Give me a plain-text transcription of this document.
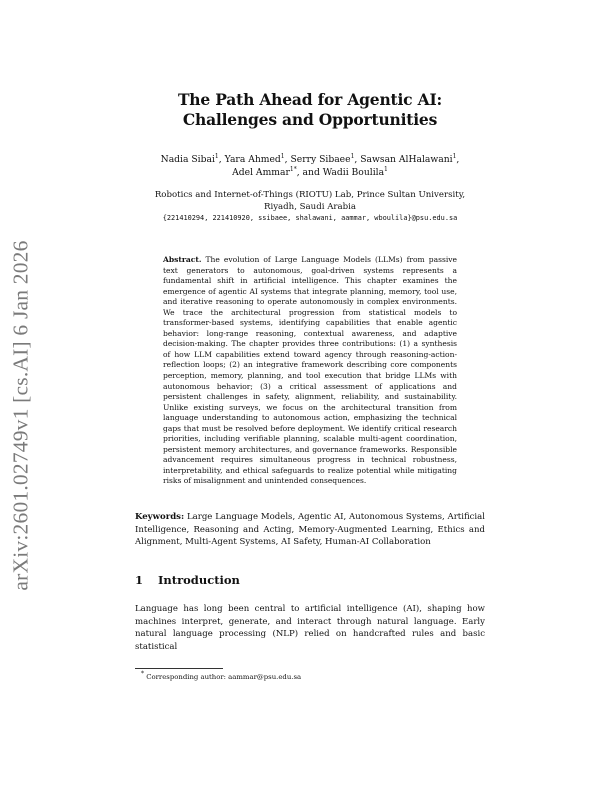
arXiv:2601.02749v1 [cs.AI] 6 Jan 2026
The Path Ahead for Agentic AI: Challenges and Opportunities
Nadia Sibai$^1$, Yara Ahmed$^1$, Serry Sibaee$^1$, Sawsan AlHalawani$^1$, Adel Ammar$^{1*}$, and Wadii Boulila$^1$
Robotics and Internet-of-Things (RIOTU) Lab, Prince Sultan University, Riyadh, Saudi Arabia
{221410294, 221410920, ssibaee, shalawani, aammar, wboulila}@psu.edu.sa
Abstract. The evolution of Large Language Models (LLMs) from passive text generators to autonomous, goal-driven systems represents a fundamental shift in artificial intelligence. This chapter examines the emergence of agentic AI systems that integrate planning, memory, tool use, and iterative reasoning to operate autonomously in complex environments. We trace the architectural progression from statistical models to transformer-based systems, identifying capabilities that enable agentic behavior: long-range reasoning, contextual awareness, and adaptive decision-making. The chapter provides three contributions: (1) a synthesis of how LLM capabilities extend toward agency through reasoning-action-reflection loops; (2) an integrative framework describing core components perception, memory, planning, and tool execution that bridge LLMs with autonomous behavior; (3) a critical assessment of applications and persistent challenges in safety, alignment, reliability, and sustainability. Unlike existing surveys, we focus on the architectural transition from language understanding to autonomous action, emphasizing the technical gaps that must be resolved before deployment. We identify critical research priorities, including verifiable planning, scalable multi-agent coordination, persistent memory architectures, and governance frameworks. Responsible advancement requires simultaneous progress in technical robustness, interpretability, and ethical safeguards to realize potential while mitigating risks of misalignment and unintended consequences.
Keywords: Large Language Models, Agentic AI, Autonomous Systems, Artificial Intelligence, Reasoning and Acting, Memory-Augmented Learning, Ethics and Alignment, Multi-Agent Systems, AI Safety, Human-AI Collaboration
1 Introduction
Language has long been central to artificial intelligence (AI), shaping how machines interpret, generate, and interact through natural language. Early natural language processing (NLP) relied on handcrafted rules and basic statistical
* Corresponding author: aammar@psu.edu.sa
